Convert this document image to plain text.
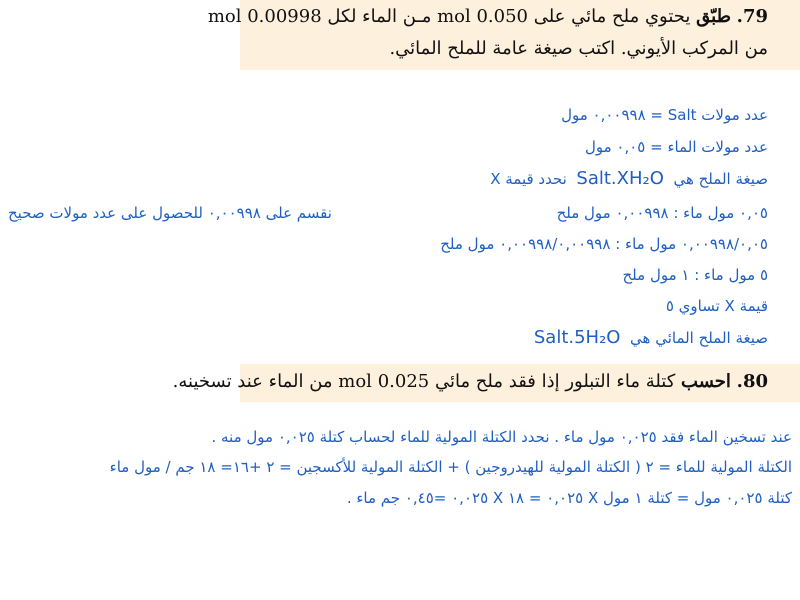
79. طبّق يحتوي ملح مائي على 0.050 mol مـن الماء لكل 0.00998 mol
من المركب الأيوني. اكتب صيغة عامة للملح المائي.
عدد مولات Salt = ٠,٠٠٩٩٨ مول
عدد مولات الماء = ٠,٠٥ مول
صيغة الملح هي  Salt.XH₂O  نحدد قيمة X
٠,٠٥ مول ماء : ٠,٠٠٩٩٨ مول ملح
نقسم على ٠,٠٠٩٩٨ للحصول على عدد مولات صحيح
٠,٠٠٩٩٨/٠,٠٥ مول ماء : ٠,٠٠٩٩٨/٠,٠٠٩٩٨ مول ملح
٥ مول ماء : ١ مول ملح
قيمة X تساوي ٥
صيغة الملح المائي هي  Salt.5H₂O
80. احسب كتلة ماء التبلور إذا فقد ملح مائي 0.025 mol من الماء عند تسخينه.
عند تسخين الماء فقد ٠,٠٢٥ مول ماء . نحدد الكتلة المولية للماء لحساب كتلة ٠,٠٢٥ مول منه .
الكتلة المولية للماء = ٢ ( الكتلة المولية للهيدروجين ) + الكتلة المولية للأكسجين = ٢ +١٦= ١٨ جم / مول ماء
كتلة ٠,٠٢٥ مول = كتلة ١ مول X ٠,٠٢٥ = ١٨ X ٠,٠٢٥ =٠,٤٥ جم ماء .
